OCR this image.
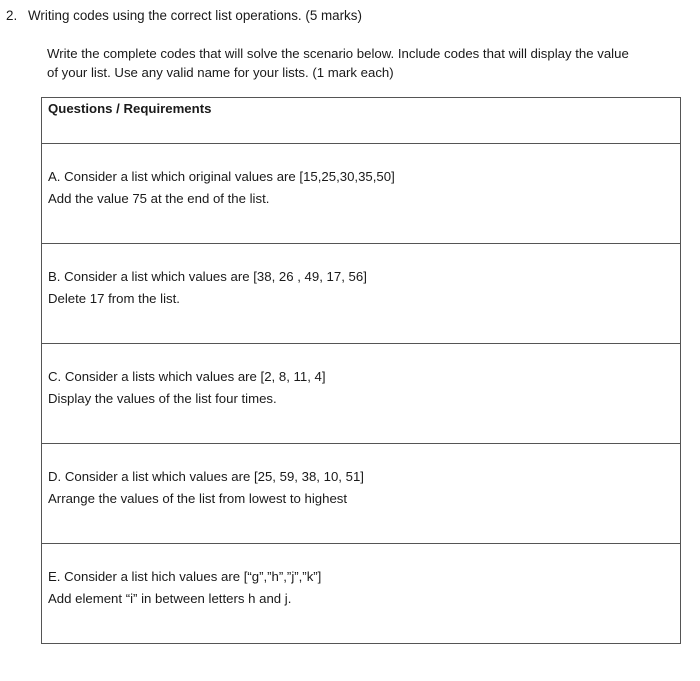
2. Writing codes using the correct list operations. (5 marks)

Write the complete codes that will solve the scenario below. Include codes that will display the value

of your list. Use any valid name for your lists. (1 mark each)

Questions / Requirements

A. Consider a list which original values are [15,25,30,35,50]
Add the value 75 at the end of the list.

B. Consider a list which values are [38, 26 , 49, 17, 56]
Delete 17 from the list.

C. Consider a lists which values are [2, 8, 11, 4]
Display the values of the list four times.

D. Consider a list which values are [25, 59, 38, 10, 51]
Arrange the values of the list from lowest to highest

E. Consider a list hich values are [“g”,”h”,”j”,”k”]
Add element “i” in between letters h and j.
